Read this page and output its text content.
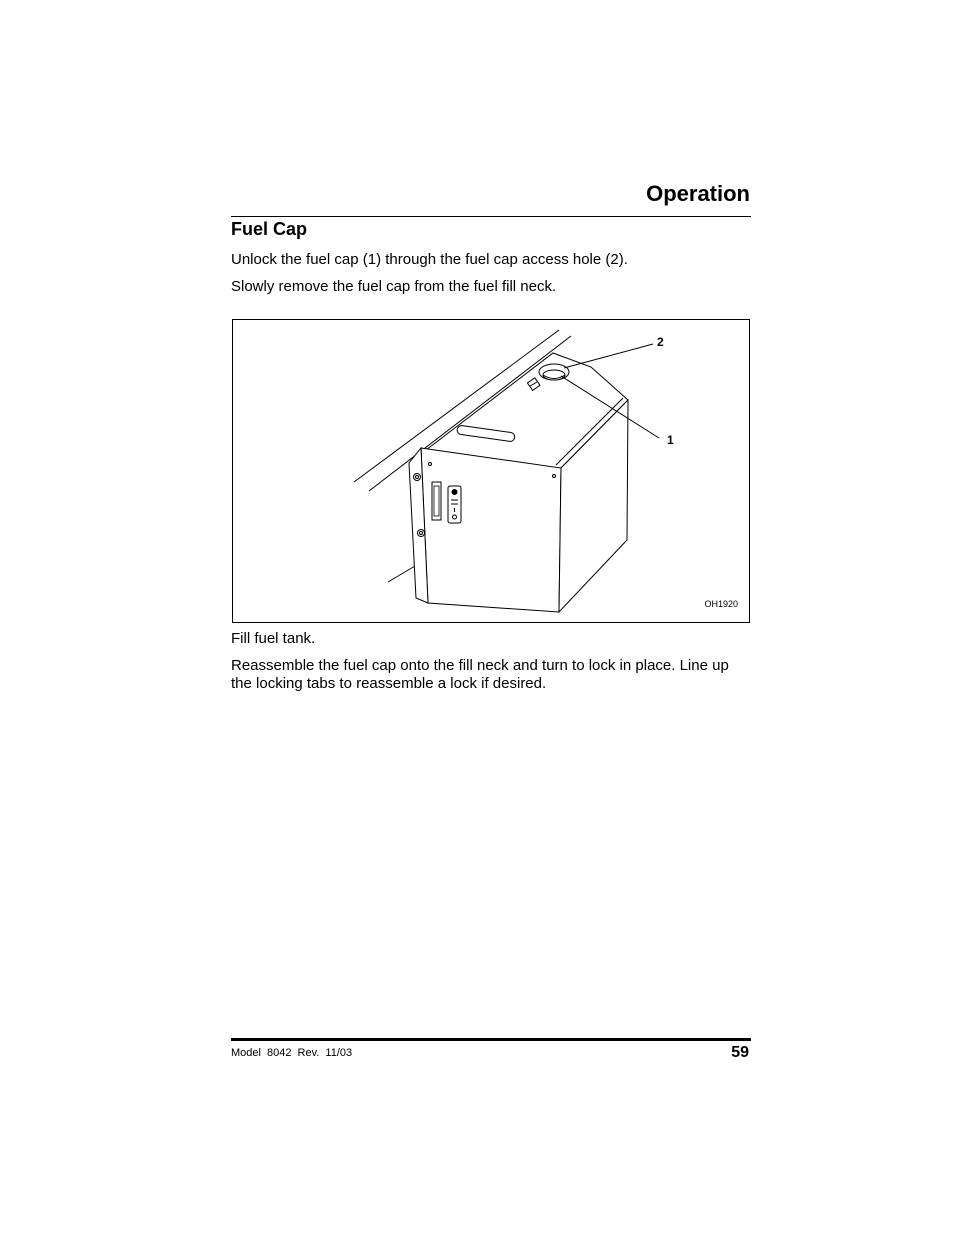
Operation
Fuel Cap

Unlock the fuel cap (1) through the fuel cap access hole (2).

Slowly remove the fuel cap from the fuel fill neck.

2
1
OH1920

Fill fuel tank.

Reassemble the fuel cap onto the fill neck and turn to lock in place. Line up the locking tabs to reassemble a lock if desired.

Model 8042 Rev. 11/03	59
